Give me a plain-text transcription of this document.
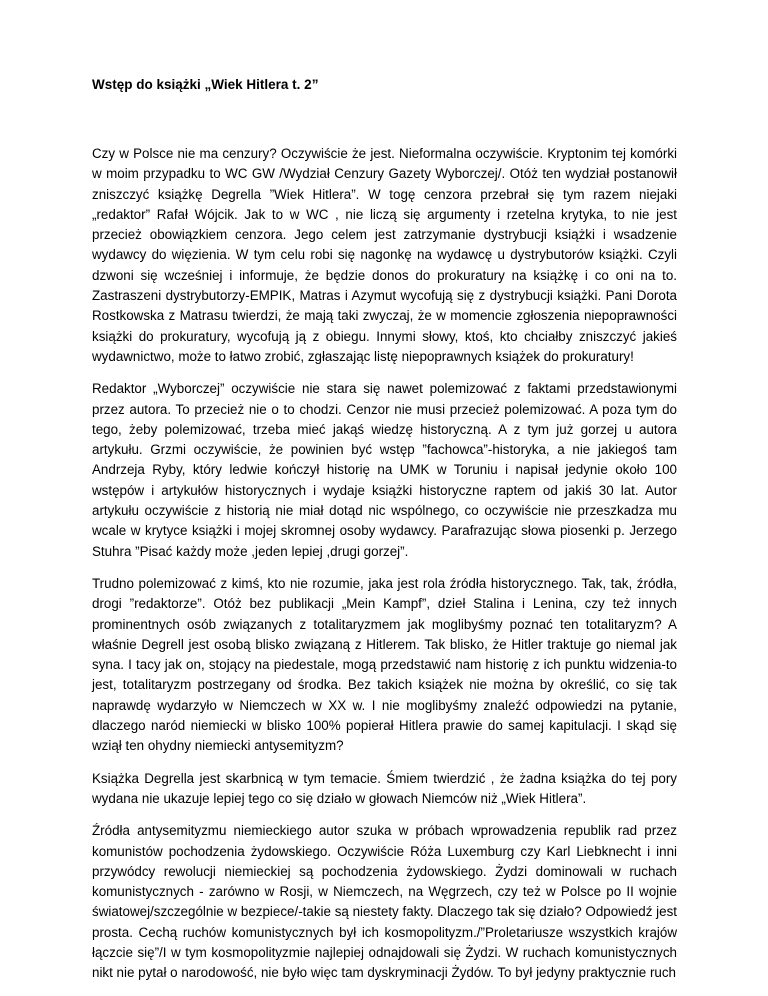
Wstęp do książki „Wiek Hitlera t. 2”

Czy w Polsce nie ma cenzury? Oczywiście że jest. Nieformalna oczywiście. Kryptonim tej komórki w moim przypadku to WC GW /Wydział Cenzury Gazety Wyborczej/. Otóż ten wydział postanowił zniszczyć książkę Degrella ”Wiek Hitlera”. W togę cenzora przebrał się tym razem niejaki „redaktor” Rafał Wójcik. Jak to w WC , nie liczą się argumenty i rzetelna krytyka, to nie jest przecież obowiązkiem cenzora. Jego celem jest zatrzymanie dystrybucji książki i wsadzenie wydawcy do więzienia. W tym celu robi się nagonkę na wydawcę u dystrybutorów książki. Czyli dzwoni się wcześniej i informuje, że będzie donos do prokuratury na książkę i co oni na to. Zastraszeni dystrybutorzy-EMPIK, Matras i Azymut wycofują się z dystrybucji książki. Pani Dorota Rostkowska z Matrasu twierdzi, że mają taki zwyczaj, że w momencie zgłoszenia niepoprawności książki do prokuratury, wycofują ją z obiegu. Innymi słowy, ktoś, kto chciałby zniszczyć jakieś wydawnictwo, może to łatwo zrobić, zgłaszając listę niepoprawnych książek do prokuratury!

Redaktor „Wyborczej” oczywiście nie stara się nawet polemizować z faktami przedstawionymi przez autora. To przecież nie o to chodzi. Cenzor nie musi przecież polemizować. A poza tym do tego, żeby polemizować, trzeba mieć jakąś wiedzę historyczną. A z tym już gorzej u autora artykułu. Grzmi oczywiście, że powinien być wstęp ”fachowca”-historyka, a nie jakiegoś tam Andrzeja Ryby, który ledwie kończył historię na UMK w Toruniu i napisał jedynie około 100 wstępów i artykułów historycznych i wydaje książki historyczne raptem od jakiś 30 lat. Autor artykułu oczywiście z historią nie miał dotąd nic wspólnego, co oczywiście nie przeszkadza mu wcale w krytyce książki i mojej skromnej osoby wydawcy. Parafrazując słowa piosenki p. Jerzego Stuhra ”Pisać każdy może ,jeden lepiej ,drugi gorzej”.

Trudno polemizować z kimś, kto nie rozumie, jaka jest rola źródła historycznego. Tak, tak, źródła, drogi ”redaktorze”. Otóż bez publikacji „Mein Kampf”, dzieł Stalina i Lenina, czy też innych prominentnych osób związanych z totalitaryzmem jak moglibyśmy poznać ten totalitaryzm? A właśnie Degrell jest osobą blisko związaną z Hitlerem. Tak blisko, że Hitler traktuje go niemal jak syna. I tacy jak on, stojący na piedestale, mogą przedstawić nam historię z ich punktu widzenia-to jest, totalitaryzm postrzegany od środka. Bez takich książek nie można by określić, co się tak naprawdę wydarzyło w Niemczech w XX w. I nie moglibyśmy znaleźć odpowiedzi na pytanie, dlaczego naród niemiecki w blisko 100% popierał Hitlera prawie do samej kapitulacji. I skąd się wziął ten ohydny niemiecki antysemityzm?

Książka Degrella jest skarbnicą w tym temacie. Śmiem twierdzić , że żadna książka do tej pory wydana nie ukazuje lepiej tego co się działo w głowach Niemców niż „Wiek Hitlera”.

Źródła antysemityzmu niemieckiego autor szuka w próbach wprowadzenia republik rad przez komunistów pochodzenia żydowskiego. Oczywiście Róża Luxemburg czy Karl Liebknecht i inni przywódcy rewolucji niemieckiej są pochodzenia żydowskiego. Żydzi dominowali w ruchach komunistycznych - zarówno w Rosji, w Niemczech, na Węgrzech, czy też w Polsce po II wojnie światowej/szczególnie w bezpiece/-takie są niestety fakty. Dlaczego tak się działo? Odpowiedź jest prosta. Cechą ruchów komunistycznych był ich kosmopolityzm./”Proletariusze wszystkich krajów łączcie się”/I w tym kosmopolityzmie najlepiej odnajdowali się Żydzi. W ruchach komunistycznych nikt nie pytał o narodowość, nie było więc tam dyskryminacji Żydów. To był jedyny praktycznie ruch
